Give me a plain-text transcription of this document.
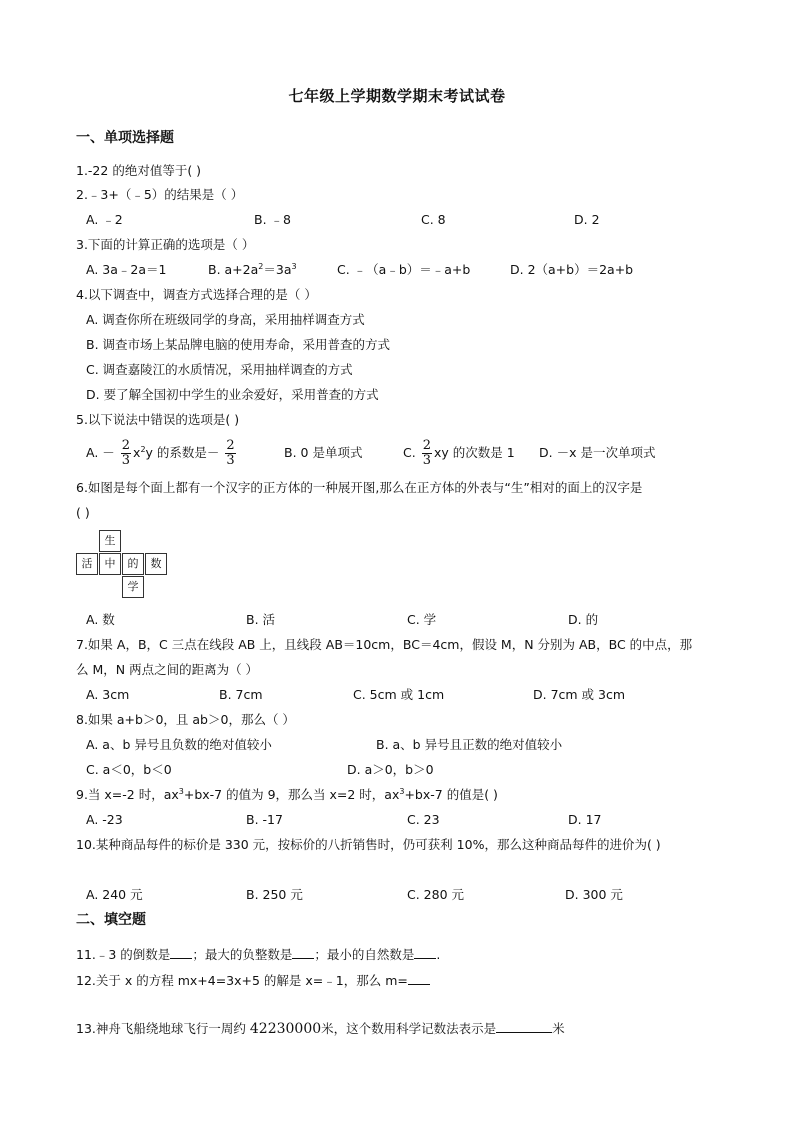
七年级上学期数学期末考试试卷
一、单项选择题
1.-22 的绝对值等于( )
2.﹣3+（﹣5）的结果是（ ）
A. ﹣2	B. ﹣8	C. 8	D. 2
3.下面的计算正确的选项是（ ）
A. 3a﹣2a＝1	B. $a+2a^2=3a^3$	C. ﹣（a﹣b）＝﹣a+b	D. 2（a+b）＝2a+b
4.以下调查中，调查方式选择合理的是（ ）
A. 调查你所在班级同学的身高，采用抽样调查方式
B. 调查市场上某品牌电脑的使用寿命，采用普查的方式
C. 调查嘉陵江的水质情况，采用抽样调查的方式
D. 要了解全国初中学生的业余爱好，采用普查的方式
5.以下说法中错误的选项是( )
A. － $\frac{2}{3} x^2y$ 的系数是－ $\frac{2}{3}$	B. 0 是单项式	C. $\frac{2}{3}$ xy 的次数是 1 D. －x 是一次单项式
6.如图是每个面上都有一个汉字的正方体的一种展开图,那么在正方体的外表与“生”相对的面上的汉字是
( )
生
活	中	的	数
学
A. 数	B. 活	C. 学	D. 的
7.如果 A，B，C 三点在线段 AB 上，且线段 AB＝10cm，BC＝4cm，假设 M，N 分别为 AB，BC 的中点，那
么 M，N 两点之间的距离为（ ）
A. 3cm	B. 7cm	C. 5cm 或 1cm	D. 7cm 或 3cm
8.如果 a+b＞0，且 ab＞0，那么（ ）
A. a、b 异号且负数的绝对值较小	B. a、b 异号且正数的绝对值较小
C. a＜0，b＜0	D. a＞0，b＞0
9.当 x=-2 时，$ax^3+bx-7$ 的值为 9，那么当 x=2 时，$ax^3+bx-7$ 的值是( )
A. -23	B. -17	C. 23	D. 17
10.某种商品每件的标价是 330 元，按标价的八折销售时，仍可获利 10%，那么这种商品每件的进价为( )
A. 240 元	B. 250 元	C. 280 元	D. 300 元
二、填空题
11.﹣3 的倒数是 ；最大的负整数是 ；最小的自然数是 .
12.关于 x 的方程 mx+4=3x+5 的解是 x=﹣1，那么 m=
13.神舟飞船绕地球飞行一周约 42230000米，这个数用科学记数法表示是	米
